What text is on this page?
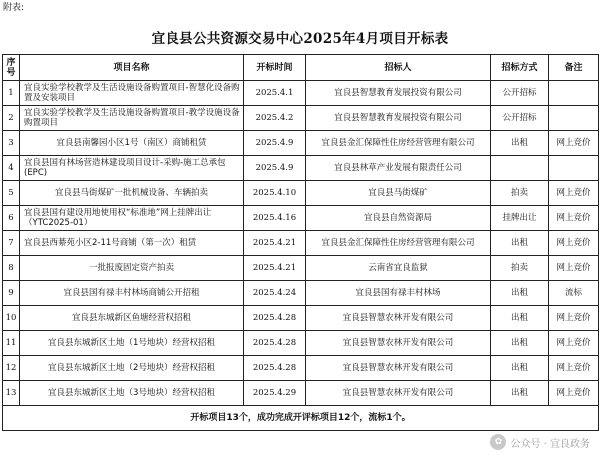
附表:
宜良县公共资源交易中心2025年4月项目开标表
序号	项目名称	开标时间	招标人	招标方式	备注
1	宜良实验学校教学及生活设施设备购置项目-智慧化设备购置及安装项目	2025.4.1	宜良县智慧教育发展投资有限公司	公开招标	
2	宜良实验学校教学及生活设施设备购置项目-教学设施设备购置项目	2025.4.2	宜良县智慧教育发展投资有限公司	公开招标	
3	宜良县南馨园小区1号（南区）商铺租赁	2025.4.9	宜良县金汇保障性住房经营管理有限公司	出租	网上竞价
4	宜良县国有林场营造林建设项目设计-采购-施工总承包(EPC)	2025.4.9	宜良县林草产业发展有限责任公司		
5	宜良县马街煤矿一批机械设备、车辆拍卖	2025.4.10	宜良县马街煤矿	拍卖	网上竞价
6	宜良县国有建设用地使用权“标准地”网上挂牌出让（YTC2025-01）	2025.4.16	宜良县自然资源局	挂牌出让	网上竞价
7	宜良县西綦苑小区2-11号商铺（第一次）租赁	2025.4.21	宜良县金汇保障性住房经营管理有限公司	出租	网上竞价
8	一批报废固定资产拍卖	2025.4.21	云南省宜良监狱	拍卖	网上竞价
9	宜良县国有禄丰村林场商铺公开招租	2025.4.24	宜良县国有禄丰村林场	出租	流标
10	宜良县东城新区鱼塘经营权招租	2025.4.28	宜良县智慧农林开发有限公司	出租	网上竞价
11	宜良县东城新区土地（1号地块）经营权招租	2025.4.28	宜良县智慧农林开发有限公司	出租	网上竞价
12	宜良县东城新区土地（2号地块）经营权招租	2025.4.28	宜良县智慧农林开发有限公司	出租	网上竞价
13	宜良县东城新区土地（3号地块）经营权招租	2025.4.29	宜良县智慧农林开发有限公司	出租	网上竞价
开标项目13个，成功完成开评标项目12个，流标1个。					
✿ 公众号 · 宜良政务
